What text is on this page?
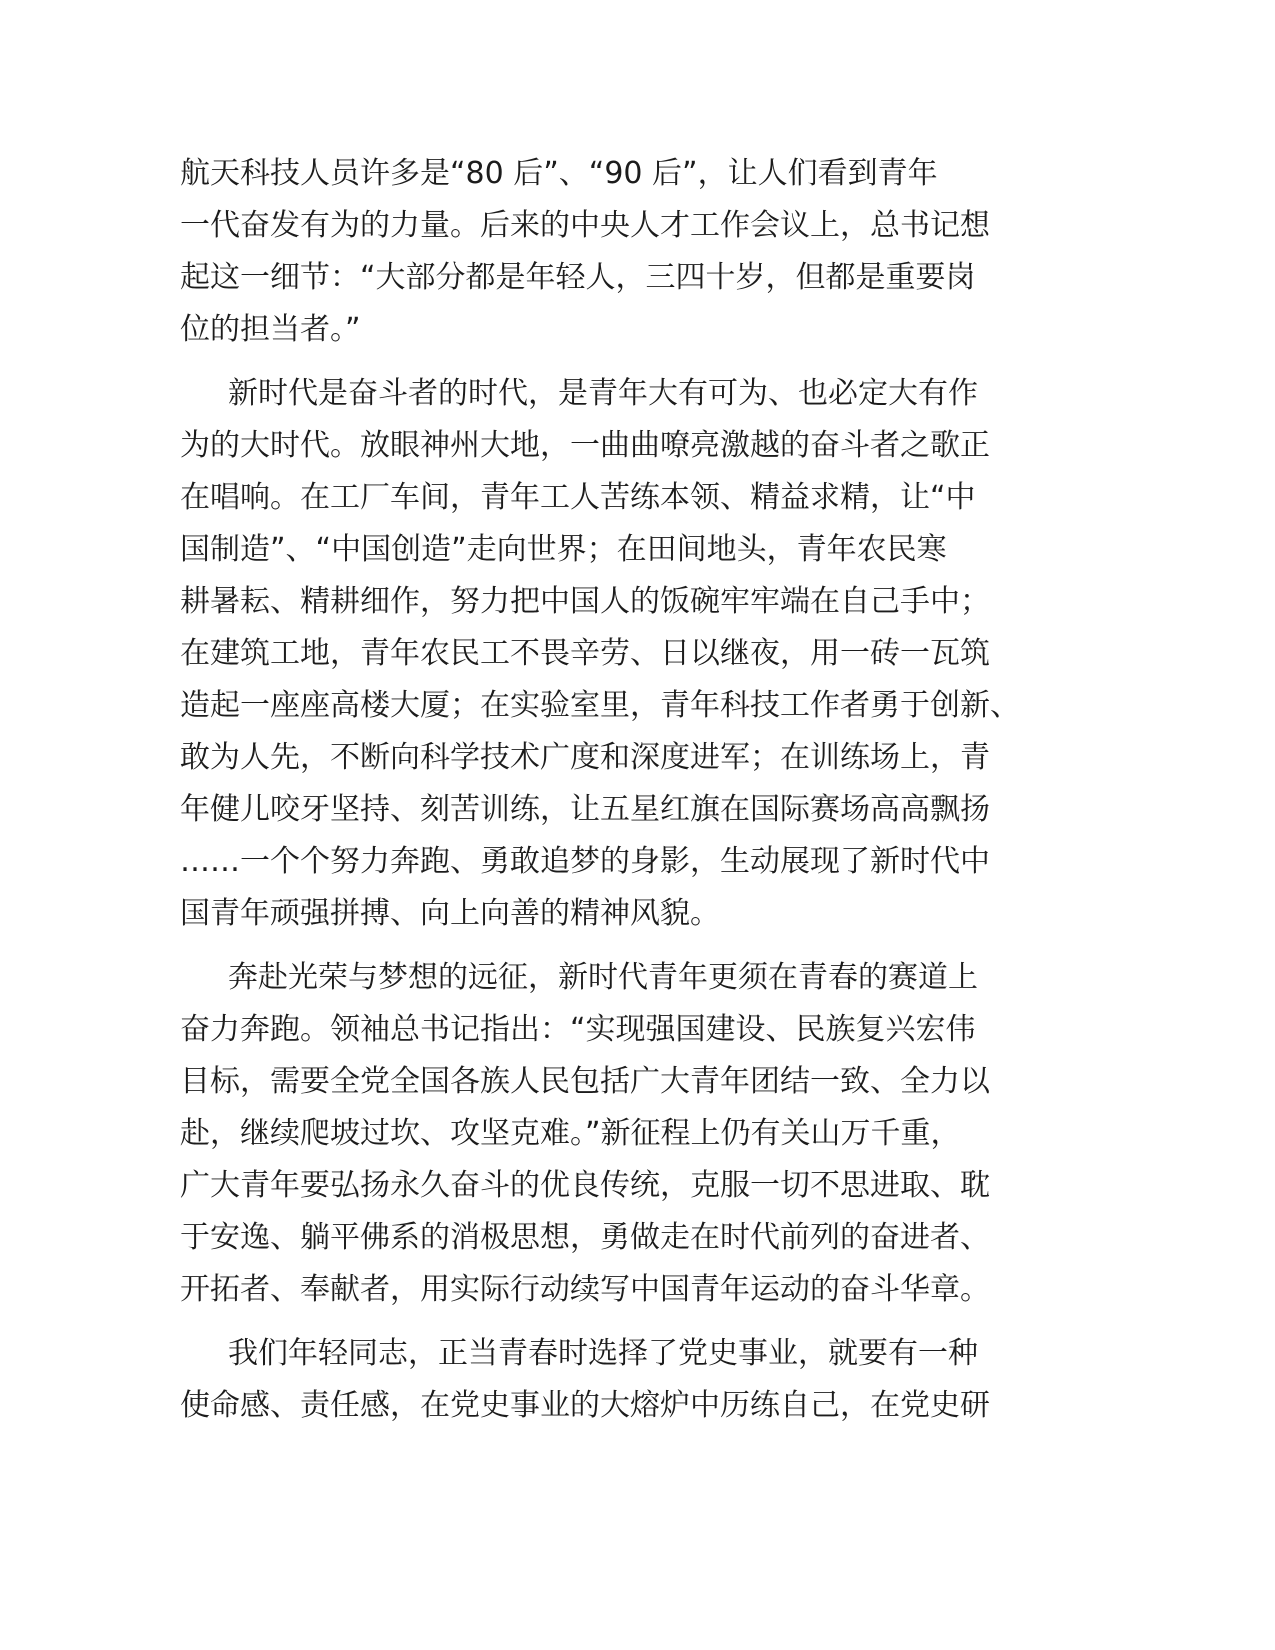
航天科技人员许多是“80 后”、“90 后”，让人们看到青年
一代奋发有为的力量。后来的中央人才工作会议上，总书记想
起这一细节：“大部分都是年轻人，三四十岁，但都是重要岗
位的担当者。”
新时代是奋斗者的时代，是青年大有可为、也必定大有作
为的大时代。放眼神州大地，一曲曲嘹亮激越的奋斗者之歌正
在唱响。在工厂车间，青年工人苦练本领、精益求精，让“中
国制造”、“中国创造”走向世界；在田间地头，青年农民寒
耕暑耘、精耕细作，努力把中国人的饭碗牢牢端在自己手中；
在建筑工地，青年农民工不畏辛劳、日以继夜，用一砖一瓦筑
造起一座座高楼大厦；在实验室里，青年科技工作者勇于创新、
敢为人先，不断向科学技术广度和深度进军；在训练场上，青
年健儿咬牙坚持、刻苦训练，让五星红旗在国际赛场高高飘扬
……一个个努力奔跑、勇敢追梦的身影，生动展现了新时代中
国青年顽强拼搏、向上向善的精神风貌。
奔赴光荣与梦想的远征，新时代青年更须在青春的赛道上
奋力奔跑。领袖总书记指出：“实现强国建设、民族复兴宏伟
目标，需要全党全国各族人民包括广大青年团结一致、全力以
赴，继续爬坡过坎、攻坚克难。”新征程上仍有关山万千重，
广大青年要弘扬永久奋斗的优良传统，克服一切不思进取、耽
于安逸、躺平佛系的消极思想，勇做走在时代前列的奋进者、
开拓者、奉献者，用实际行动续写中国青年运动的奋斗华章。
我们年轻同志，正当青春时选择了党史事业，就要有一种
使命感、责任感，在党史事业的大熔炉中历练自己，在党史研
